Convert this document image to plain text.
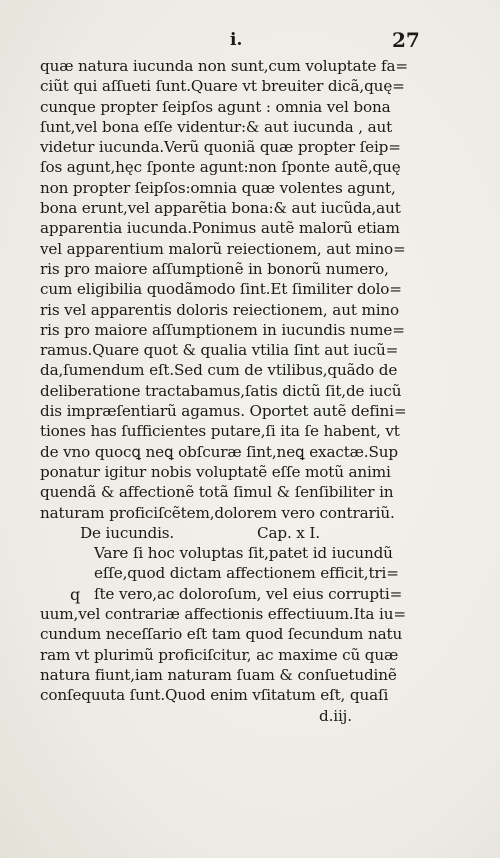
i.	27
quæ natura iucunda non sunt,cum voluptate fa=
ciũt qui aſſueti ſunt.Quare vt breuiter dicã,quę=
cunque propter ſeipſos agunt : omnia vel bona
ſunt,vel bona eſſe videntur:& aut iucunda , aut
videtur iucunda.Verũ quoniã quæ propter ſeip=
ſos agunt,hęc ſponte agunt:non ſponte autẽ,quę
non propter ſeipſos:omnia quæ volentes agunt,
bona erunt,vel apparẽtia bona:& aut iucũda,aut
apparentia iucunda.Ponimus autẽ malorũ etiam
vel apparentium malorũ reiectionem, aut mino=
ris pro maiore aſſumptionẽ in bonorũ numero,
cum eligibilia quodãmodo ſint.Et ſimiliter dolo=
ris vel apparentis doloris reiectionem, aut mino
ris pro maiore aſſumptionem in iucundis nume=
ramus.Quare quot & qualia vtilia ſint aut iucũ=
da,ſumendum eſt.Sed cum de vtilibus,quãdo de
deliberatione tractabamus,ſatis dictũ ſit,de iucũ
dis impræſentiarũ agamus. Oportet autẽ defini=
tiones has ſufficientes putare,ſi ita ſe habent, vt
de vno quocꝗ neꝗ obſcuræ ſint,neꝗ exactæ.Sup
ponatur igitur nobis voluptatẽ eſſe motũ animi
quendã & affectionẽ totã ſimul & ſenſibiliter in
naturam proficiſcẽtem,dolorem vero contrariũ.
De iucundis.	Cap. x I.
Vare ſi hoc voluptas ſit,patet id iucundũ
eſſe,quod dictam affectionem efficit,tri=
ſte vero,ac doloroſum, vel eius corrupti=
uum,vel contrariæ affectionis effectiuum.Ita iu=
cundum neceſſario eſt tam quod ſecundum natu
ram vt plurimũ proficiſcitur, ac maxime cũ quæ
natura fiunt,iam naturam ſuam & conſuetudinẽ
conſequuta ſunt.Quod enim vſitatum eſt, quaſi
d.iij.
q
